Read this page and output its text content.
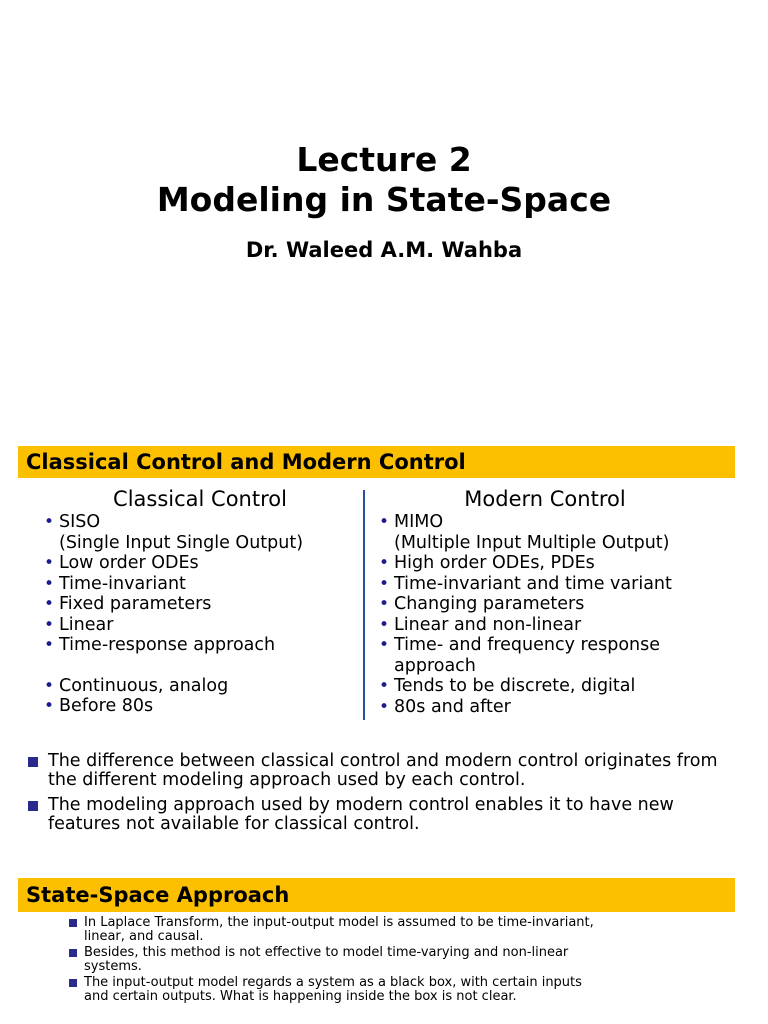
Lecture 2
Modeling in State-Space
Dr. Waleed A.M. Wahba
Classical Control and Modern Control
Classical Control
• SISO
(Single Input Single Output)
• Low order ODEs
• Time-invariant
• Fixed parameters
• Linear
• Time-response approach
• Continuous, analog
• Before 80s
Modern Control
• MIMO
(Multiple Input Multiple Output)
• High order ODEs, PDEs
• Time-invariant and time variant
• Changing parameters
• Linear and non-linear
• Time- and frequency response
approach
• Tends to be discrete, digital
• 80s and after
The difference between classical control and modern control originates from the different modeling approach used by each control.
The modeling approach used by modern control enables it to have new features not available for classical control.
State-Space Approach
In Laplace Transform, the input-output model is assumed to be time-invariant, linear, and causal.
Besides, this method is not effective to model time-varying and non-linear systems.
The input-output model regards a system as a black box, with certain inputs and certain outputs. What is happening inside the box is not clear.
